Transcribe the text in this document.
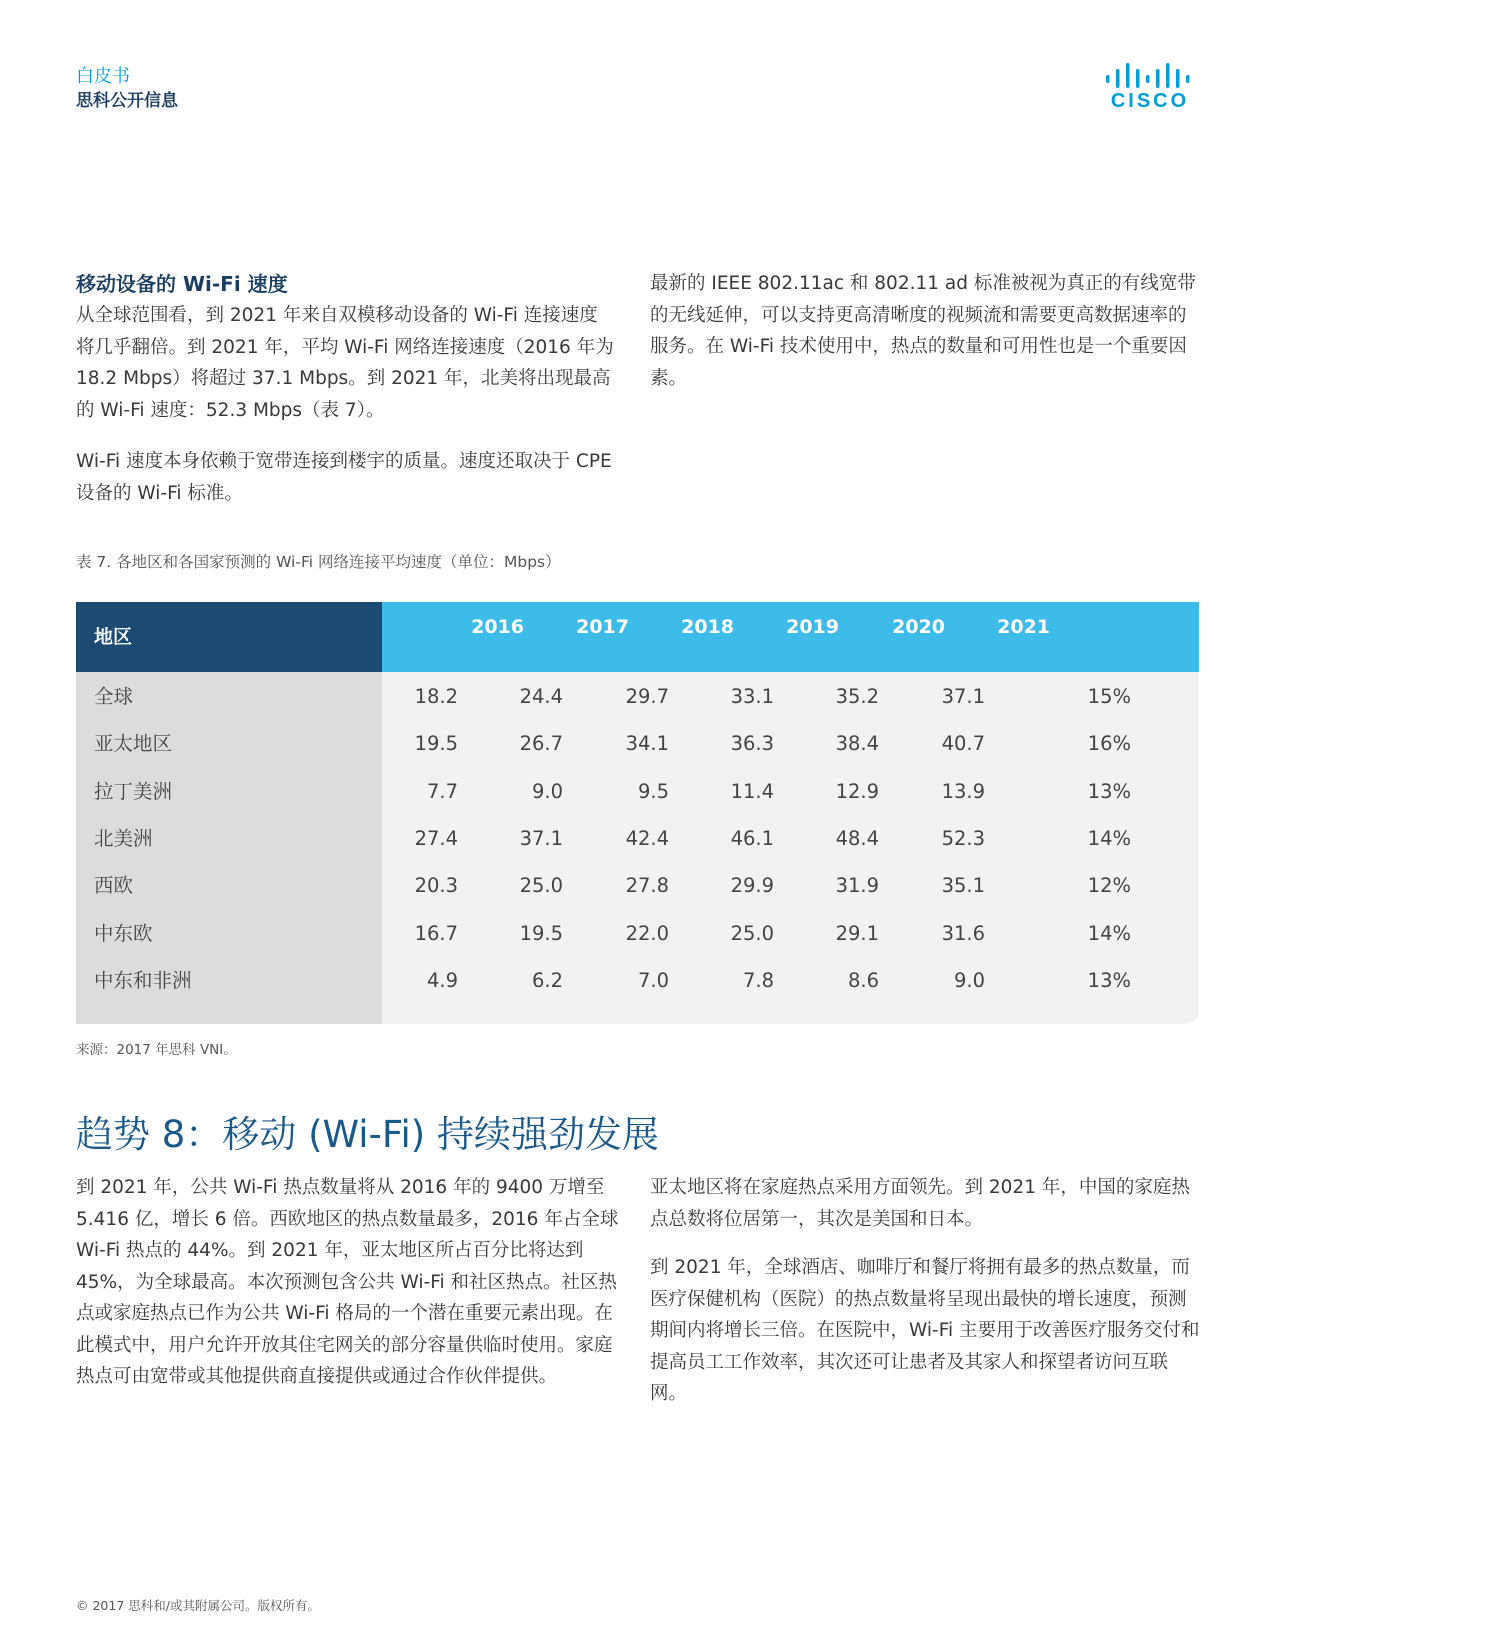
白皮书
思科公开信息	CISCO
移动设备的 Wi-Fi 速度
从全球范围看，到 2021 年来自双模移动设备的 Wi-Fi 连接速度将几乎翻倍。到 2021 年，平均 Wi-Fi 网络连接速度（2016 年为 18.2 Mbps）将超过 37.1 Mbps。到 2021 年，北美将出现最高的 Wi-Fi 速度：52.3 Mbps（表 7）。
Wi-Fi 速度本身依赖于宽带连接到楼宇的质量。速度还取决于 CPE 设备的 Wi-Fi 标准。
最新的 IEEE 802.11ac 和 802.11 ad 标准被视为真正的有线宽带的无线延伸，可以支持更高清晰度的视频流和需要更高数据速率的服务。在 Wi-Fi 技术使用中，热点的数量和可用性也是一个重要因素。
表 7. 各地区和各国家预测的 Wi-Fi 网络连接平均速度（单位：Mbps）
地区	2016	2017	2018	2019	2020	2021	复合年均增长率
(2016–2021)
全球	18.2	24.4	29.7	33.1	35.2	37.1	15%
亚太地区	19.5	26.7	34.1	36.3	38.4	40.7	16%
拉丁美洲	7.7	9.0	9.5	11.4	12.9	13.9	13%
北美洲	27.4	37.1	42.4	46.1	48.4	52.3	14%
西欧	20.3	25.0	27.8	29.9	31.9	35.1	12%
中东欧	16.7	19.5	22.0	25.0	29.1	31.6	14%
中东和非洲	4.9	6.2	7.0	7.8	8.6	9.0	13%
来源：2017 年思科 VNI。
趋势 8：移动 (Wi-Fi) 持续强劲发展
到 2021 年，公共 Wi-Fi 热点数量将从 2016 年的 9400 万增至 5.416 亿，增长 6 倍。西欧地区的热点数量最多，2016 年占全球 Wi-Fi 热点的 44%。到 2021 年，亚太地区所占百分比将达到 45%，为全球最高。本次预测包含公共 Wi-Fi 和社区热点。社区热点或家庭热点已作为公共 Wi-Fi 格局的一个潜在重要元素出现。在此模式中，用户允许开放其住宅网关的部分容量供临时使用。家庭热点可由宽带或其他提供商直接提供或通过合作伙伴提供。
亚太地区将在家庭热点采用方面领先。到 2021 年，中国的家庭热点总数将位居第一，其次是美国和日本。
到 2021 年，全球酒店、咖啡厅和餐厅将拥有最多的热点数量，而医疗保健机构（医院）的热点数量将呈现出最快的增长速度，预测期间内将增长三倍。在医院中，Wi-Fi 主要用于改善医疗服务交付和提高员工工作效率，其次还可让患者及其家人和探望者访问互联网。
© 2017 思科和/或其附属公司。版权所有。
